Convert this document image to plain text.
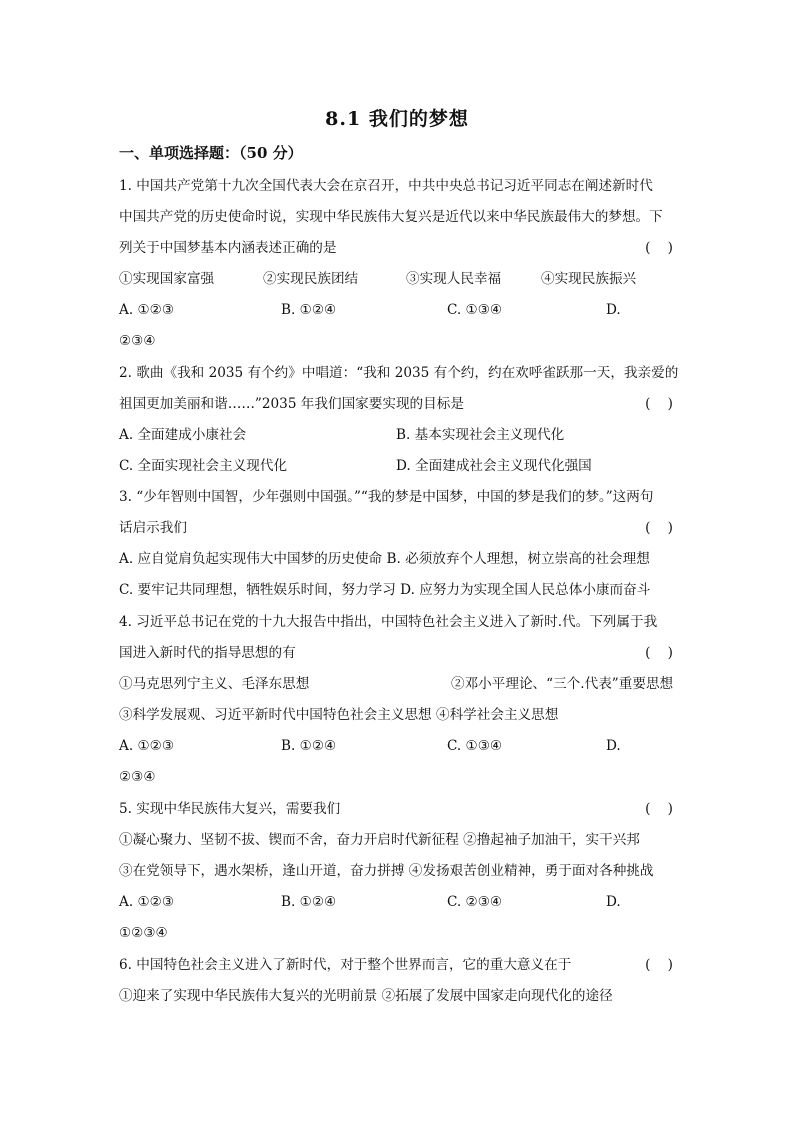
8.1 我们的梦想
一、单项选择题：（50 分）
1. 中国共产党第十九次全国代表大会在京召开，中共中央总书记习近平同志在阐述新时代
中国共产党的历史使命时说，实现中华民族伟大复兴是近代以来中华民族最伟大的梦想。下
列关于中国梦基本内涵表述正确的是	(    )
①实现国家富强	②实现民族团结	③实现人民幸福	④实现民族振兴
A. ①②③	B. ①②④	C. ①③④	D.
②③④
2. 歌曲《我和 2035 有个约》中唱道：“我和 2035 有个约，约在欢呼雀跃那一天，我亲爱的
祖国更加美丽和谐……”2035 年我们国家要实现的目标是	(    )
A. 全面建成小康社会	B. 基本实现社会主义现代化
C. 全面实现社会主义现代化	D. 全面建成社会主义现代化强国
3. “少年智则中国智，少年强则中国强。”“我的梦是中国梦，中国的梦是我们的梦。”这两句
话启示我们	(    )
A. 应自觉肩负起实现伟大中国梦的历史使命 B. 必须放弃个人理想，树立崇高的社会理想
C. 要牢记共同理想，牺牲娱乐时间，努力学习 D. 应努力为实现全国人民总体小康而奋斗
4. 习近平总书记在党的十九大报告中指出，中国特色社会主义进入了新时.代。下列属于我
国进入新时代的指导思想的有	(    )
①马克思列宁主义、毛泽东思想	②邓小平理论、“三个.代表”重要思想
③科学发展观、习近平新时代中国特色社会主义思想 ④科学社会主义思想
A. ①②③	B. ①②④	C. ①③④	D.
②③④
5. 实现中华民族伟大复兴，需要我们	(    )
①凝心聚力、坚韧不拔、锲而不舍，奋力开启时代新征程 ②撸起袖子加油干，实干兴邦
③在党领导下，遇水架桥，逢山开道，奋力拼搏 ④发扬艰苦创业精神，勇于面对各种挑战
A. ①②③	B. ①②④	C. ②③④	D.
①②③④
6. 中国特色社会主义进入了新时代，对于整个世界而言，它的重大意义在于	(    )
①迎来了实现中华民族伟大复兴的光明前景 ②拓展了发展中国家走向现代化的途径
